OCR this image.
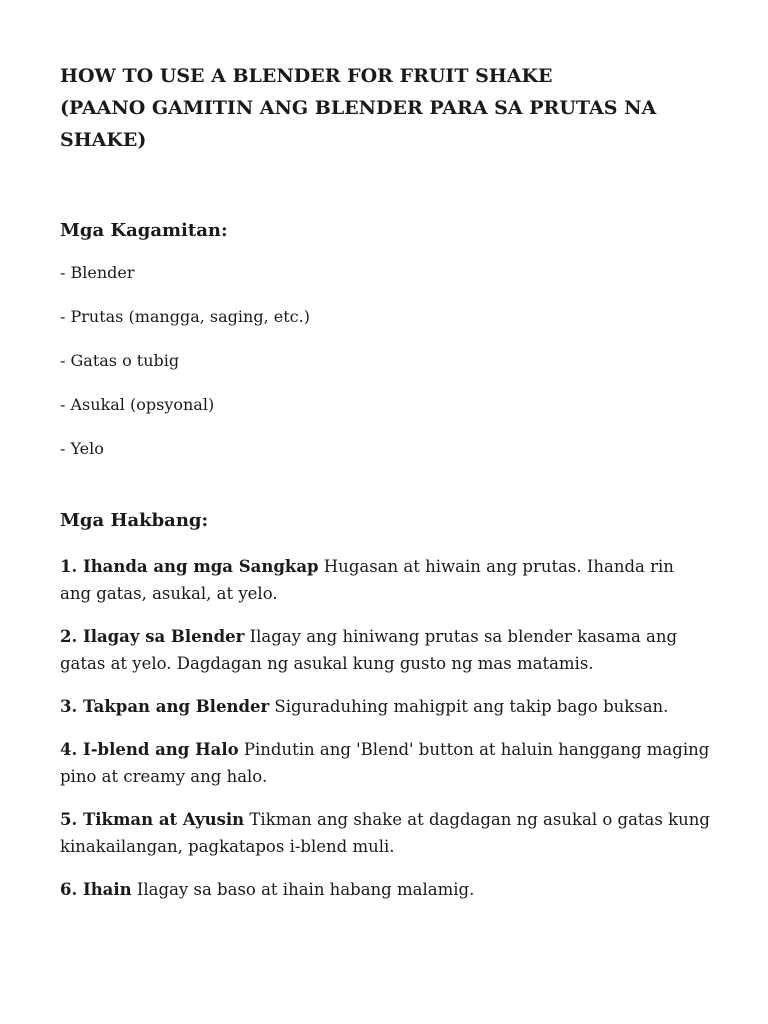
HOW TO USE A BLENDER FOR FRUIT SHAKE
(PAANO GAMITIN ANG BLENDER PARA SA PRUTAS NA SHAKE)
Mga Kagamitan:
- Blender
- Prutas (mangga, saging, etc.)
- Gatas o tubig
- Asukal (opsyonal)
- Yelo
Mga Hakbang:
1. Ihanda ang mga Sangkap Hugasan at hiwain ang prutas. Ihanda rin ang gatas, asukal, at yelo.
2. Ilagay sa Blender Ilagay ang hiniwang prutas sa blender kasama ang gatas at yelo. Dagdagan ng asukal kung gusto ng mas matamis.
3. Takpan ang Blender Siguraduhing mahigpit ang takip bago buksan.
4. I-blend ang Halo Pindutin ang 'Blend' button at haluin hanggang maging pino at creamy ang halo.
5. Tikman at Ayusin Tikman ang shake at dagdagan ng asukal o gatas kung kinakailangan, pagkatapos i-blend muli.
6. Ihain Ilagay sa baso at ihain habang malamig.
